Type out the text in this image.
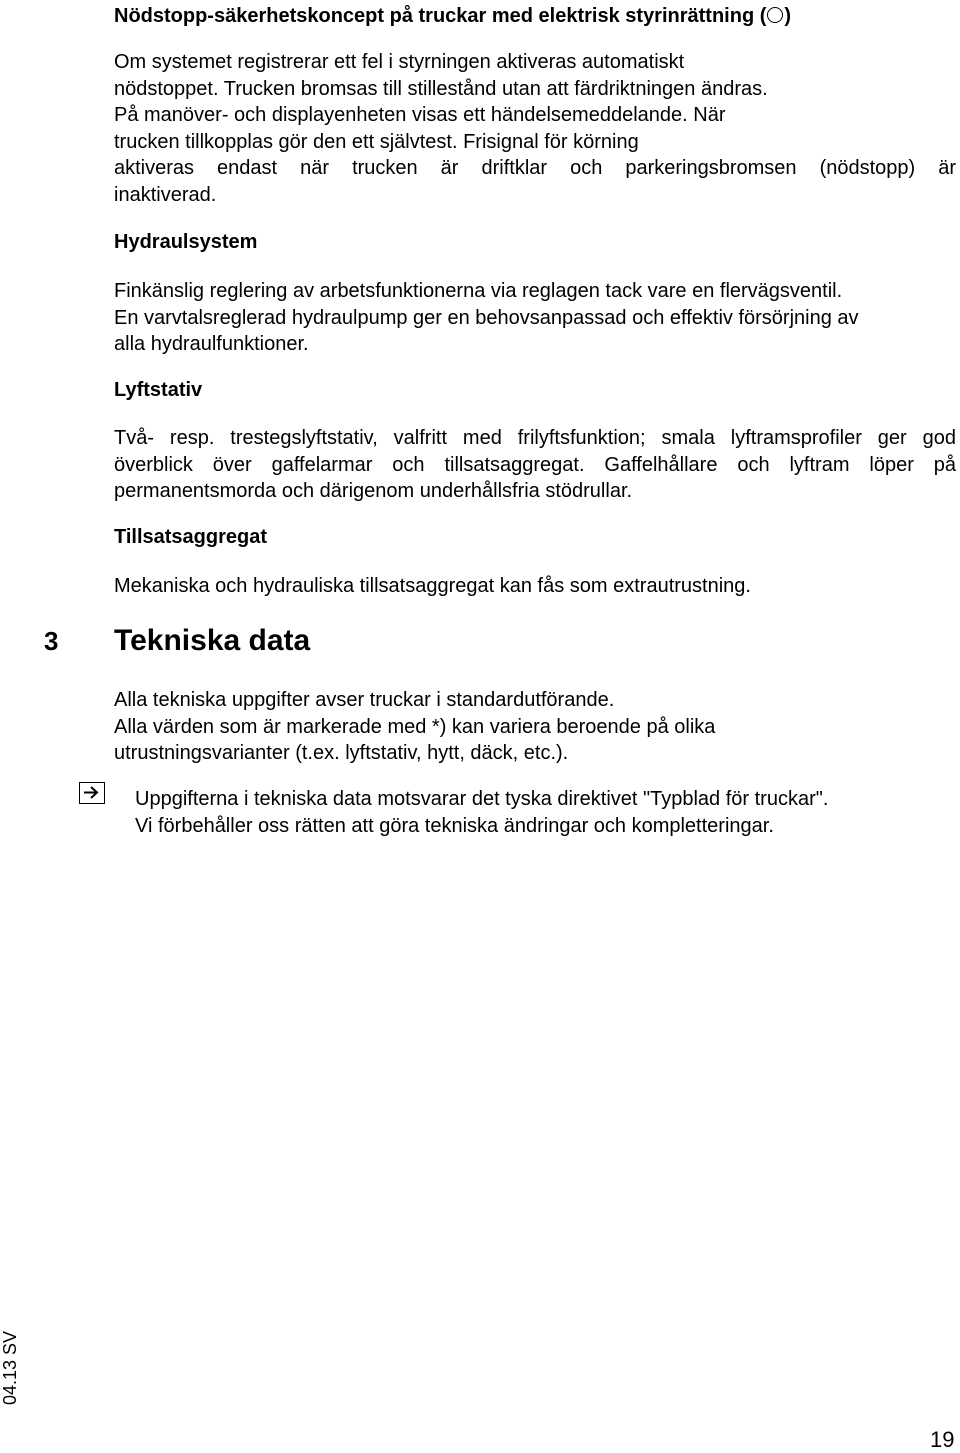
Nödstopp-säkerhetskoncept på truckar med elektrisk styrinrättning ( )
Om systemet registrerar ett fel i styrningen aktiveras automatiskt
nödstoppet. Trucken bromsas till stillestånd utan att färdriktningen ändras.
På manöver- och displayenheten visas ett händelsemeddelande. När
trucken tillkopplas gör den ett självtest. Frisignal för körning
aktiveras endast när trucken är driftklar och parkeringsbromsen (nödstopp) är
inaktiverad.
Hydraulsystem
Finkänslig reglering av arbetsfunktionerna via reglagen tack vare en flervägsventil.
En varvtalsreglerad hydraulpump ger en behovsanpassad och effektiv försörjning av
alla hydraulfunktioner.
Lyftstativ
Två- resp. trestegslyftstativ, valfritt med frilyftsfunktion; smala lyftramsprofiler ger god
överblick över gaffelarmar och tillsatsaggregat. Gaffelhållare och lyftram löper på
permanentsmorda och därigenom underhållsfria stödrullar.
Tillsatsaggregat
Mekaniska och hydrauliska tillsatsaggregat kan fås som extrautrustning.
3 Tekniska data
Alla tekniska uppgifter avser truckar i standardutförande.
Alla värden som är markerade med *) kan variera beroende på olika
utrustningsvarianter (t.ex. lyftstativ, hytt, däck, etc.).
Uppgifterna i tekniska data motsvarar det tyska direktivet "Typblad för truckar".
Vi förbehåller oss rätten att göra tekniska ändringar och kompletteringar.
04.13 SV
19
